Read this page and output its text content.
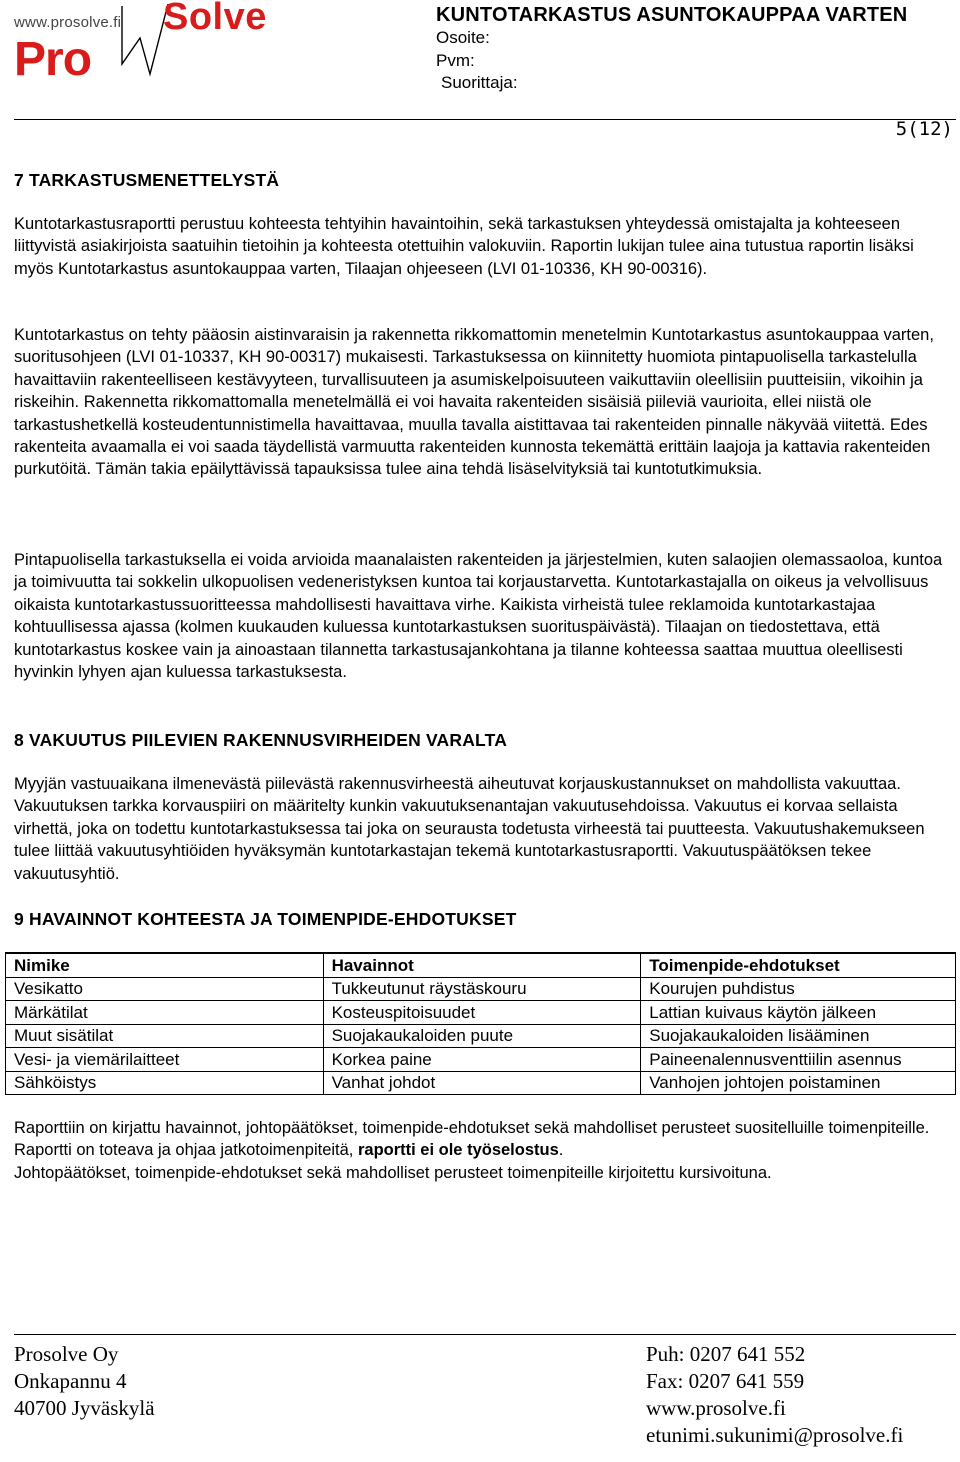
www.prosolve.fi Solve
Pro
KUNTOTARKASTUS ASUNTOKAUPPAA VARTEN
Osoite:
Pvm:
Suorittaja:
5(12)
7 TARKASTUSMENETTELYSTÄ

Kuntotarkastusraportti perustuu kohteesta tehtyihin havaintoihin, sekä tarkastuksen yhteydessä omistajalta ja kohteeseen liittyvistä asiakirjoista saatuihin tietoihin ja kohteesta otettuihin valokuviin. Raportin lukijan tulee aina tutustua raportin lisäksi myös Kuntotarkastus asuntokauppaa varten, Tilaajan ohjeeseen (LVI 01-10336, KH 90-00316).

Kuntotarkastus on tehty pääosin aistinvaraisin ja rakennetta rikkomattomin menetelmin Kuntotarkastus asuntokauppaa varten, suoritusohjeen (LVI 01-10337, KH 90-00317) mukaisesti. Tarkastuksessa on kiinnitetty huomiota pintapuolisella tarkastelulla havaittaviin rakenteelliseen kestävyyteen, turvallisuuteen ja asumiskelpoisuuteen vaikuttaviin oleellisiin puutteisiin, vikoihin ja riskeihin. Rakennetta rikkomattomalla menetelmällä ei voi havaita rakenteiden sisäisiä piileviä vaurioita, ellei niistä ole tarkastushetkellä kosteudentunnistimella havaittavaa, muulla tavalla aistittavaa tai rakenteiden pinnalle näkyvää viitettä. Edes rakenteita avaamalla ei voi saada täydellistä varmuutta rakenteiden kunnosta tekemättä erittäin laajoja ja kattavia rakenteiden purkutöitä. Tämän takia epäilyttävissä tapauksissa tulee aina tehdä lisäselvityksiä tai kuntotutkimuksia.

Pintapuolisella tarkastuksella ei voida arvioida maanalaisten rakenteiden ja järjestelmien, kuten salaojien olemassaoloa, kuntoa ja toimivuutta tai sokkelin ulkopuolisen vedeneristyksen kuntoa tai korjaustarvetta. Kuntotarkastajalla on oikeus ja velvollisuus oikaista kuntotarkastussuoritteessa mahdollisesti havaittava virhe. Kaikista virheistä tulee reklamoida kuntotarkastajaa kohtuullisessa ajassa (kolmen kuukauden kuluessa kuntotarkastuksen suorituspäivästä). Tilaajan on tiedostettava, että kuntotarkastus koskee vain ja ainoastaan tilannetta tarkastusajankohtana ja tilanne kohteessa saattaa muuttua oleellisesti hyvinkin lyhyen ajan kuluessa tarkastuksesta.

8 VAKUUTUS PIILEVIEN RAKENNUSVIRHEIDEN VARALTA

Myyjän vastuuaikana ilmenevästä piilevästä rakennusvirheestä aiheutuvat korjauskustannukset on mahdollista vakuuttaa. Vakuutuksen tarkka korvauspiiri on määritelty kunkin vakuutuksenantajan vakuutusehdoissa. Vakuutus ei korvaa sellaista virhettä, joka on todettu kuntotarkastuksessa tai joka on seurausta todetusta virheestä tai puutteesta. Vakuutushakemukseen tulee liittää vakuutusyhtiöiden hyväksymän kuntotarkastajan tekemä kuntotarkastusraportti. Vakuutuspäätöksen tekee vakuutusyhtiö.

9 HAVAINNOT KOHTEESTA JA TOIMENPIDE-EHDOTUKSET
Nimike	Havainnot	Toimenpide-ehdotukset
Vesikatto	Tukkeutunut räystäskouru	Kourujen puhdistus
Märkätilat	Kosteuspitoisuudet	Lattian kuivaus käytön jälkeen
Muut sisätilat	Suojakaukaloiden puute	Suojakaukaloiden lisääminen
Vesi- ja viemärilaitteet	Korkea paine	Paineenalennusventtiilin asennus
Sähköistys	Vanhat johdot	Vanhojen johtojen poistaminen

Raporttiin on kirjattu havainnot, johtopäätökset, toimenpide-ehdotukset sekä mahdolliset perusteet suositelluille toimenpiteille. Raportti on toteava ja ohjaa jatkotoimenpiteitä, raportti ei ole työselostus.
Johtopäätökset, toimenpide-ehdotukset sekä mahdolliset perusteet toimenpiteille kirjoitettu kursivoituna.

Prosolve Oy
Onkapannu 4
40700 Jyväskylä
Puh: 0207 641 552
Fax: 0207 641 559
www.prosolve.fi
etunimi.sukunimi@prosolve.fi
